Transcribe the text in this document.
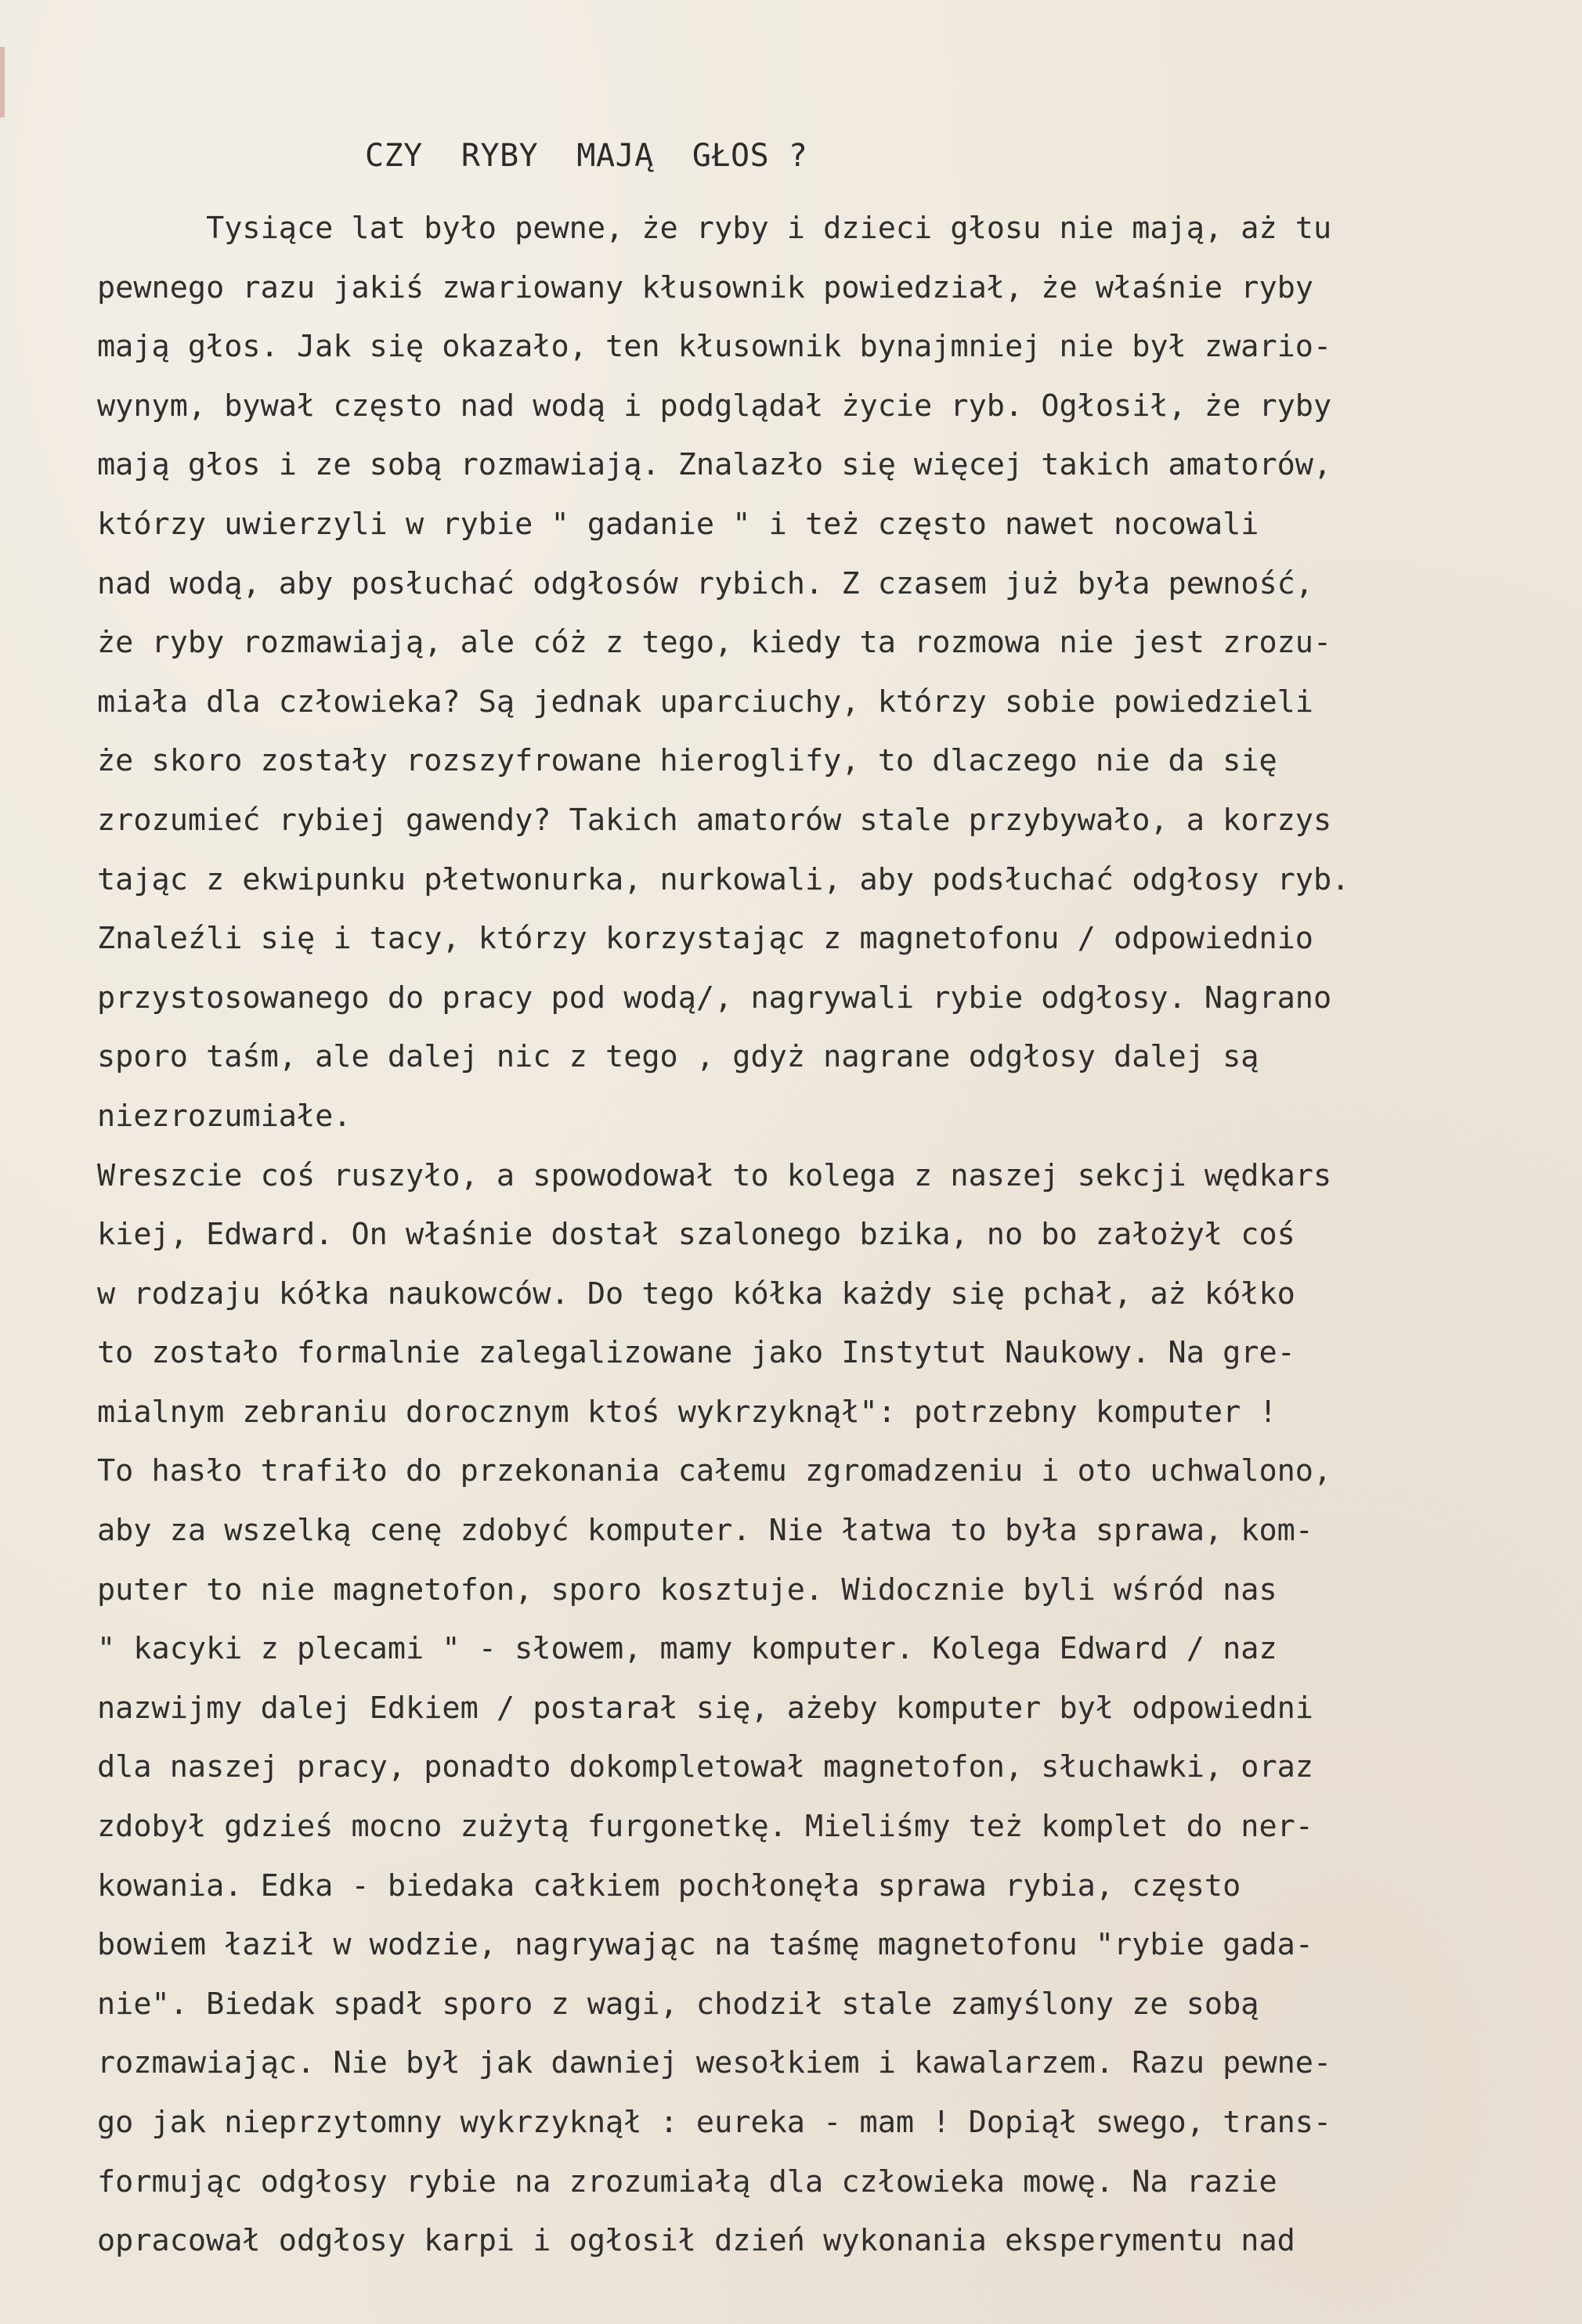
CZY  RYBY  MAJĄ  GŁOS ?
Tysiące lat było pewne, że ryby i dzieci głosu nie mają, aż tu
pewnego razu jakiś zwariowany kłusownik powiedział, że właśnie ryby
mają głos. Jak się okazało, ten kłusownik bynajmniej nie był zwario-
wynym, bywał często nad wodą i podglądał życie ryb. Ogłosił, że ryby
mają głos i ze sobą rozmawiają. Znalazło się więcej takich amatorów,
którzy uwierzyli w rybie " gadanie " i też często nawet nocowali
nad wodą, aby posłuchać odgłosów rybich. Z czasem już była pewność,
że ryby rozmawiają, ale cóż z tego, kiedy ta rozmowa nie jest zrozu-
miała dla człowieka? Są jednak uparciuchy, którzy sobie powiedzieli
że skoro zostały rozszyfrowane hieroglify, to dlaczego nie da się
zrozumieć rybiej gawendy? Takich amatorów stale przybywało, a korzys
tając z ekwipunku płetwonurka, nurkowali, aby podsłuchać odgłosy ryb.
Znaleźli się i tacy, którzy korzystając z magnetofonu / odpowiednio
przystosowanego do pracy pod wodą/, nagrywali rybie odgłosy. Nagrano
sporo taśm, ale dalej nic z tego , gdyż nagrane odgłosy dalej są
niezrozumiałe.
Wreszcie coś ruszyło, a spowodował to kolega z naszej sekcji wędkars
kiej, Edward. On właśnie dostał szalonego bzika, no bo założył coś
w rodzaju kółka naukowców. Do tego kółka każdy się pchał, aż kółko
to zostało formalnie zalegalizowane jako Instytut Naukowy. Na gre-
mialnym zebraniu dorocznym ktoś wykrzyknął": potrzebny komputer !
To hasło trafiło do przekonania całemu zgromadzeniu i oto uchwalono,
aby za wszelką cenę zdobyć komputer. Nie łatwa to była sprawa, kom-
puter to nie magnetofon, sporo kosztuje. Widocznie byli wśród nas
" kacyki z plecami " - słowem, mamy komputer. Kolega Edward / naz
nazwijmy dalej Edkiem / postarał się, ażeby komputer był odpowiedni
dla naszej pracy, ponadto dokompletował magnetofon, słuchawki, oraz
zdobył gdzieś mocno zużytą furgonetkę. Mieliśmy też komplet do ner-
kowania. Edka - biedaka całkiem pochłonęła sprawa rybia, często
bowiem łaził w wodzie, nagrywając na taśmę magnetofonu "rybie gada-
nie". Biedak spadł sporo z wagi, chodził stale zamyślony ze sobą
rozmawiając. Nie był jak dawniej wesołkiem i kawalarzem. Razu pewne-
go jak nieprzytomny wykrzyknął : eureka - mam ! Dopiął swego, trans-
formując odgłosy rybie na zrozumiałą dla człowieka mowę. Na razie
opracował odgłosy karpi i ogłosił dzień wykonania eksperymentu nad
